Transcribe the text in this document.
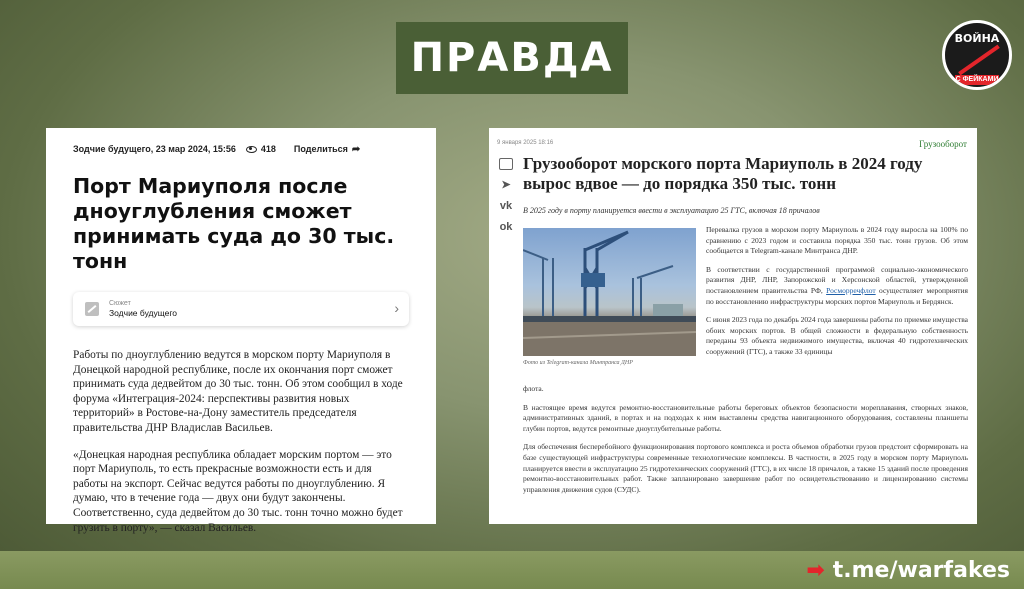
ПРАВДА	ВОЙНА
С ФЕЙКАМИ
Зодчие будущего, 23 мар 2024, 15:56	418 Поделиться ➦
Порт Мариуполя после дноуглубления сможет принимать суда до 30 тыс. тонн
Сюжет
Зодчие будущего	›

Работы по дноуглублению ведутся в морском порту Мариуполя в Донецкой народной республике, после их окончания порт сможет принимать суда дедвейтом до 30 тыс. тонн. Об этом сообщил в ходе форума «Интеграция-2024: перспективы развития новых территорий» в Ростове-на-Дону заместитель председателя правительства ДНР Владислав Васильев.

«Донецкая народная республика обладает морским портом — это порт Мариуполь, то есть прекрасные возможности есть и для работы на экспорт. Сейчас ведутся работы по дноуглублению. Я думаю, что в течение года — двух они будут закончены. Соответственно, суда дедвейтом до 30 тыс. тонн точно можно будет грузить в порту», — сказал Васильев.

9 января 2025 18:16	Грузооборот
➤
vk
ok
Грузооборот морского порта Мариуполь в 2024 году вырос вдвое — до порядка 350 тыс. тонн
В 2025 году в порту планируется ввести в эксплуатацию 25 ГТС, включая 18 причалов

Перевалка грузов в морском порту Мариуполь в 2024 году выросла на 100% по сравнению с 2023 годом и составила порядка 350 тыс. тонн грузов. Об этом сообщается в Telegram-канале Минтранса ДНР.

В соответствии с государственной программой социально-экономического развития ДНР, ЛНР, Запорожской и Херсонской областей, утвержденной постановлением правительства РФ, Росморречфлот осуществляет мероприятия по восстановлению инфраструктуры морских портов Мариуполь и Бердянск.

С июня 2023 года по декабрь 2024 года завершены работы по приемке имущества обоих морских портов. В общей сложности в федеральную собственность переданы 93 объекта недвижимого имущества, включая 40 гидротехнических сооружений (ГТС), а также 33 единицы

Фото из Telegram-канала Минтранса ДНР

флота.

В настоящее время ведутся ремонтно-восстановительные работы береговых объектов безопасности мореплавания, створных знаков, административных зданий, в портах и на подходах к ним выставлены средства навигационного оборудования, составлены планшеты глубин портов, ведутся ремонтные дноуглубительные работы.

Для обеспечения бесперебойного функционирования портового комплекса и роста объемов обработки грузов предстоит сформировать на базе существующей инфраструктуры современные технологические комплексы. В частности, в 2025 году в морском порту Мариуполь планируется ввести в эксплуатацию 25 гидротехнических сооружений (ГТС), в их числе 18 причалов, а также 15 зданий после проведения ремонтно-восстановительных работ. Также запланировано завершение работ по освидетельствованию и лицензированию системы управления движения судов (СУДС).

➡ t.me/warfakes
